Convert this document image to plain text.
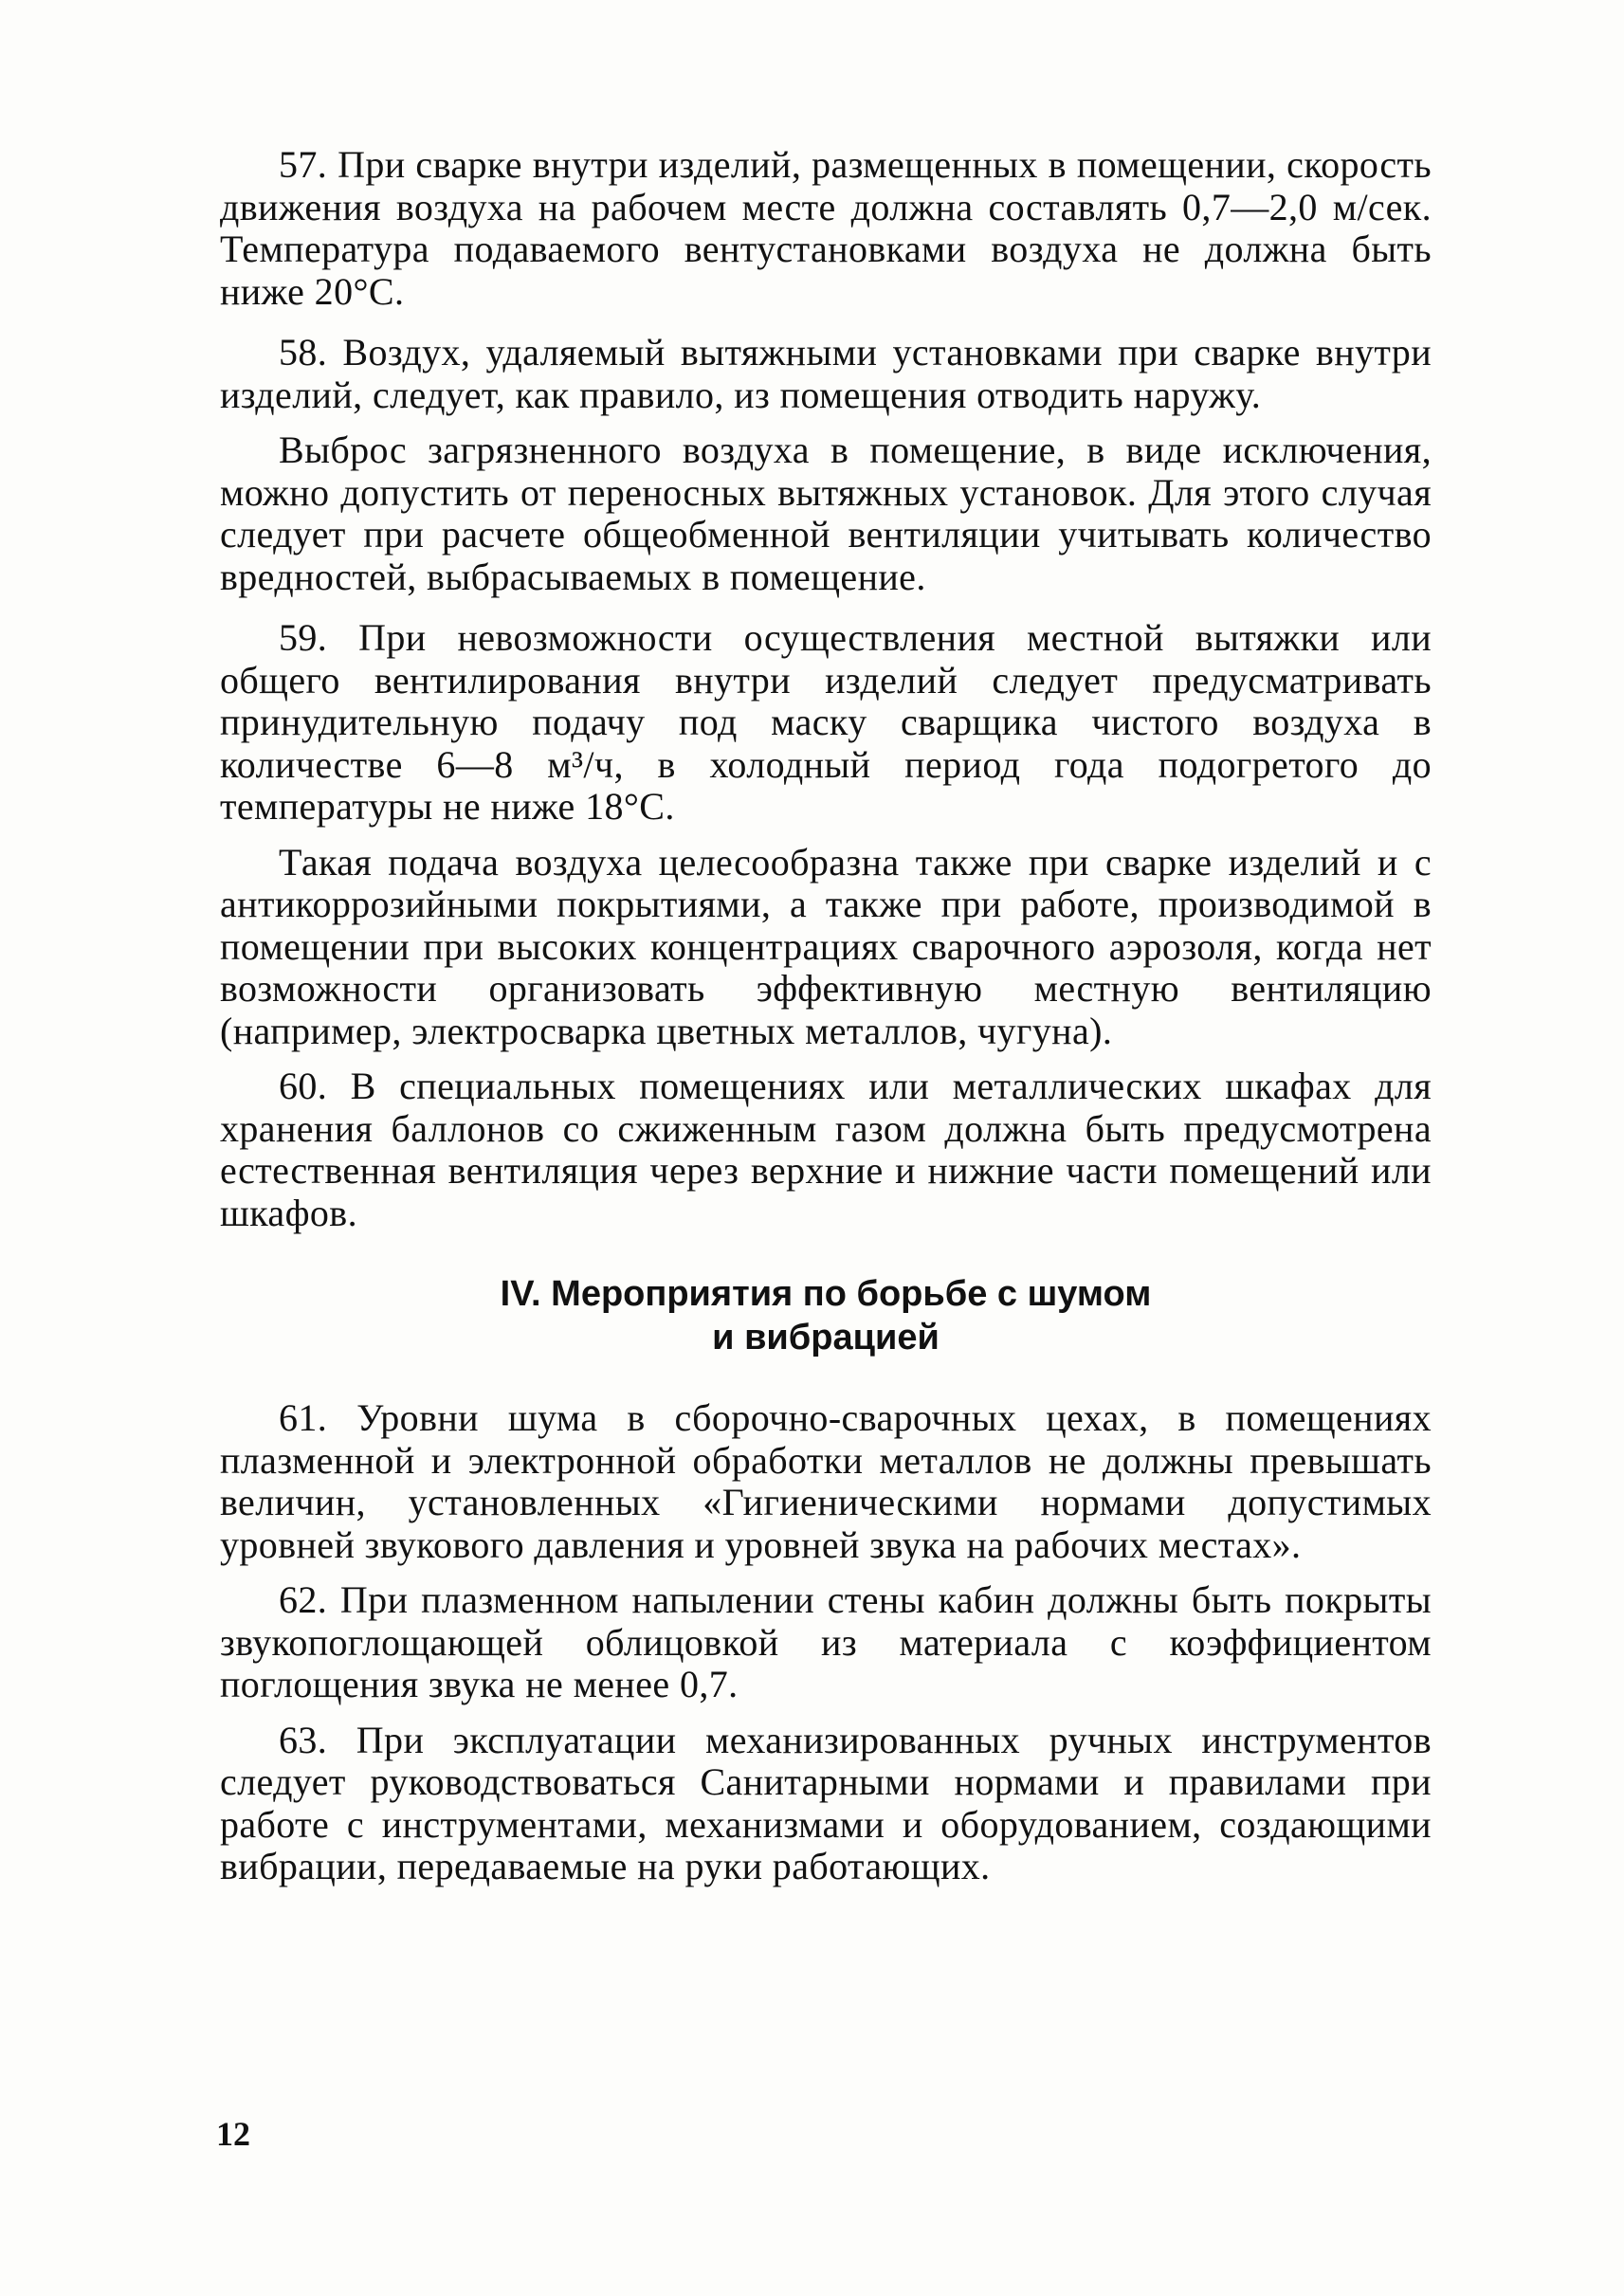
57. При сварке внутри изделий, размещенных в помещении, скорость движения воздуха на рабочем месте должна составлять 0,7—2,0 м/сек. Температура подаваемого вентустановками воздуха не должна быть ниже 20°С.

58. Воздух, удаляемый вытяжными установками при сварке внутри изделий, следует, как правило, из помещения отводить наружу.

Выброс загрязненного воздуха в помещение, в виде исключения, можно допустить от переносных вытяжных установок. Для этого случая следует при расчете общеобменной вентиляции учитывать количество вредностей, выбрасываемых в помещение.

59. При невозможности осуществления местной вытяжки или общего вентилирования внутри изделий следует предусматривать принудительную подачу под маску сварщика чистого воздуха в количестве 6—8 м³/ч, в холодный период года подогретого до температуры не ниже 18°С.

Такая подача воздуха целесообразна также при сварке изделий и с антикоррозийными покрытиями, а также при работе, производимой в помещении при высоких концентрациях сварочного аэрозоля, когда нет возможности организовать эффективную местную вентиляцию (например, электросварка цветных металлов, чугуна).

60. В специальных помещениях или металлических шкафах для хранения баллонов со сжиженным газом должна быть предусмотрена естественная вентиляция через верхние и нижние части помещений или шкафов.

IV. Мероприятия по борьбе с шумом
и вибрацией

61. Уровни шума в сборочно-сварочных цехах, в помещениях плазменной и электронной обработки металлов не должны превышать величин, установленных «Гигиеническими нормами допустимых уровней звукового давления и уровней звука на рабочих местах».

62. При плазменном напылении стены кабин должны быть покрыты звукопоглощающей облицовкой из материала с коэффициентом поглощения звука не менее 0,7.

63. При эксплуатации механизированных ручных инструментов следует руководствоваться Санитарными нормами и правилами при работе с инструментами, механизмами и оборудованием, создающими вибрации, передаваемые на руки работающих.

12
